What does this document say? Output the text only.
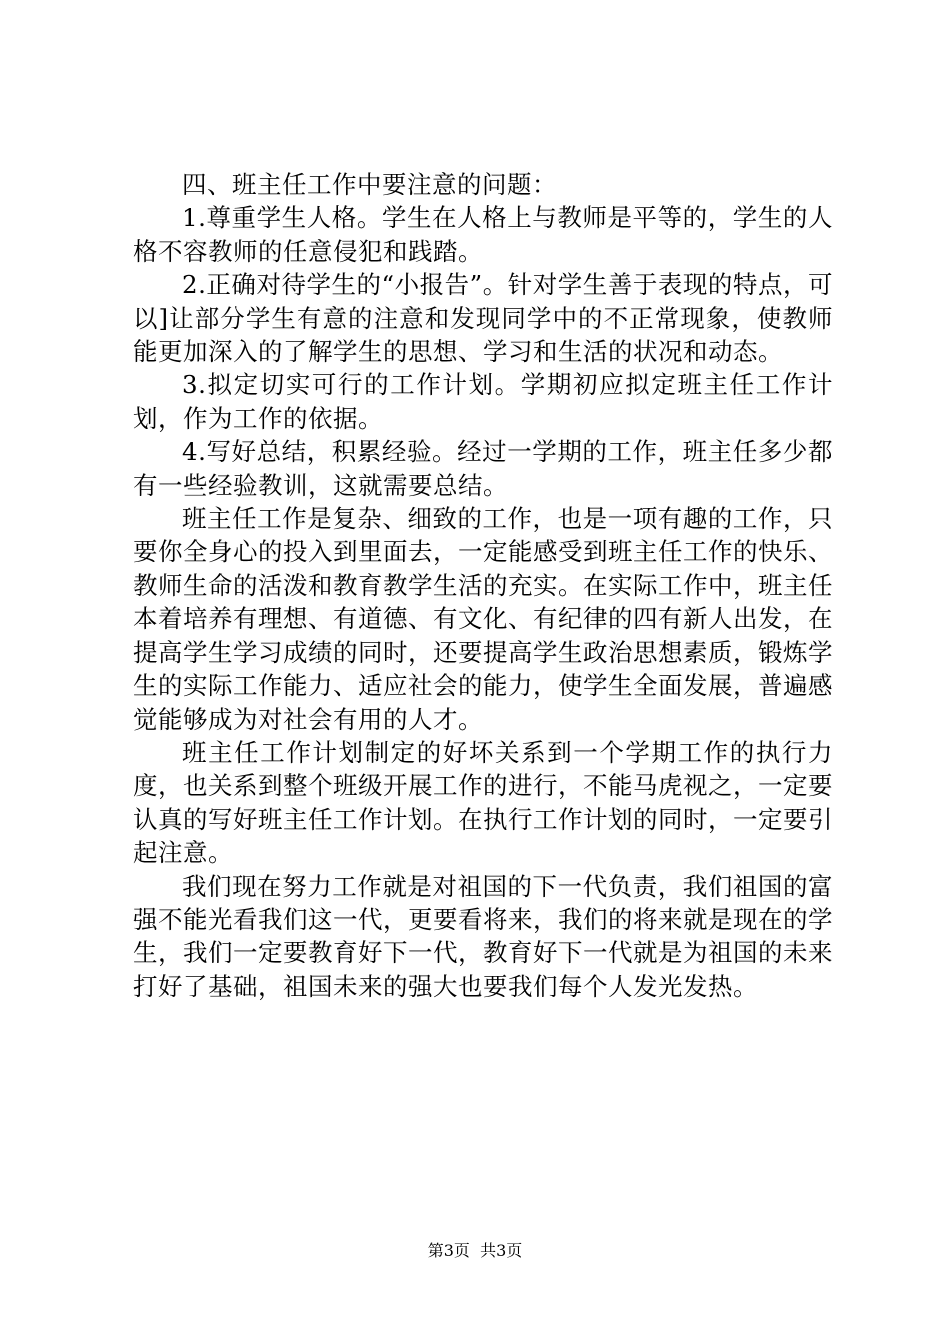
四、班主任工作中要注意的问题：

1.尊重学生人格。学生在人格上与教师是平等的，学生的人格不容教师的任意侵犯和践踏。

2.正确对待学生的“小报告”。针对学生善于表现的特点，可以]让部分学生有意的注意和发现同学中的不正常现象，使教师能更加深入的了解学生的思想、学习和生活的状况和动态。

3.拟定切实可行的工作计划。学期初应拟定班主任工作计划，作为工作的依据。

4.写好总结，积累经验。经过一学期的工作，班主任多少都有一些经验教训，这就需要总结。

班主任工作是复杂、细致的工作，也是一项有趣的工作，只要你全身心的投入到里面去，一定能感受到班主任工作的快乐、教师生命的活泼和教育教学生活的充实。在实际工作中，班主任本着培养有理想、有道德、有文化、有纪律的四有新人出发，在提高学生学习成绩的同时，还要提高学生政治思想素质，锻炼学生的实际工作能力、适应社会的能力，使学生全面发展，普遍感觉能够成为对社会有用的人才。

班主任工作计划制定的好坏关系到一个学期工作的执行力度，也关系到整个班级开展工作的进行，不能马虎视之，一定要认真的写好班主任工作计划。在执行工作计划的同时，一定要引起注意。

我们现在努力工作就是对祖国的下一代负责，我们祖国的富强不能光看我们这一代，更要看将来，我们的将来就是现在的学生，我们一定要教育好下一代，教育好下一代就是为祖国的未来打好了基础，祖国未来的强大也要我们每个人发光发热。

第3页  共3页
